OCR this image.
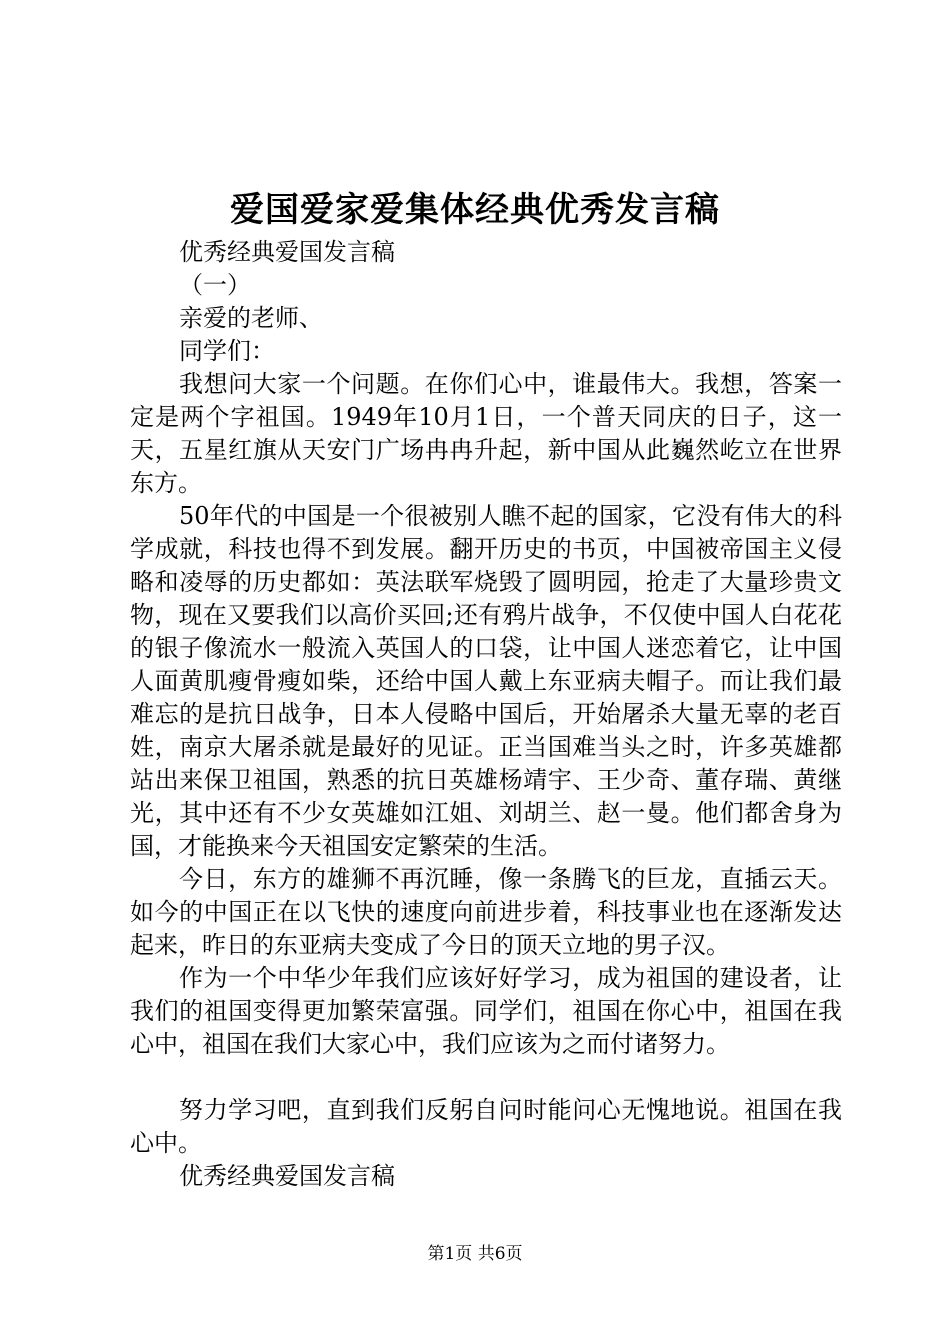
爱国爱家爱集体经典优秀发言稿

优秀经典爱国发言稿

（一）

亲爱的老师、

同学们：

我想问大家一个问题。在你们心中，谁最伟大。我想，答案一定是两个字祖国。1949年10月1日，一个普天同庆的日子，这一天，五星红旗从天安门广场冉冉升起，新中国从此巍然屹立在世界东方。

50年代的中国是一个很被别人瞧不起的国家，它没有伟大的科学成就，科技也得不到发展。翻开历史的书页，中国被帝国主义侵略和凌辱的历史都如：英法联军烧毁了圆明园，抢走了大量珍贵文物，现在又要我们以高价买回;还有鸦片战争，不仅使中国人白花花的银子像流水一般流入英国人的口袋，让中国人迷恋着它，让中国人面黄肌瘦骨瘦如柴，还给中国人戴上东亚病夫帽子。而让我们最难忘的是抗日战争，日本人侵略中国后，开始屠杀大量无辜的老百姓，南京大屠杀就是最好的见证。正当国难当头之时，许多英雄都站出来保卫祖国，熟悉的抗日英雄杨靖宇、王少奇、董存瑞、黄继光，其中还有不少女英雄如江姐、刘胡兰、赵一曼。他们都舍身为国，才能换来今天祖国安定繁荣的生活。

今日，东方的雄狮不再沉睡，像一条腾飞的巨龙，直插云天。如今的中国正在以飞快的速度向前进步着，科技事业也在逐渐发达起来，昨日的东亚病夫变成了今日的顶天立地的男子汉。

作为一个中华少年我们应该好好学习，成为祖国的建设者，让我们的祖国变得更加繁荣富强。同学们，祖国在你心中，祖国在我心中，祖国在我们大家心中，我们应该为之而付诸努力。

努力学习吧，直到我们反躬自问时能问心无愧地说。祖国在我心中。

优秀经典爱国发言稿

第1页 共6页
